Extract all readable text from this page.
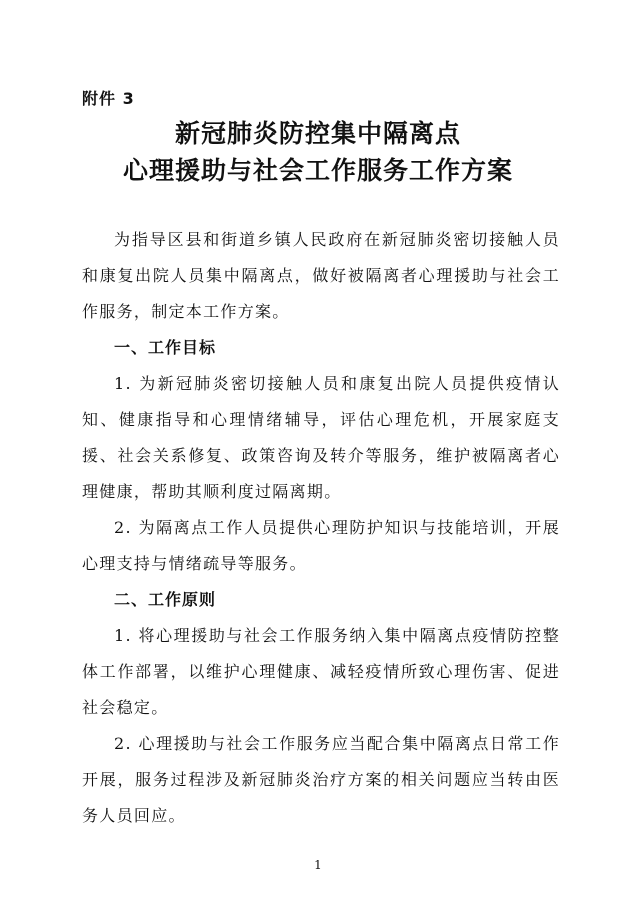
附件 3
新冠肺炎防控集中隔离点
心理援助与社会工作服务工作方案

为指导区县和街道乡镇人民政府在新冠肺炎密切接触人员和康复出院人员集中隔离点，做好被隔离者心理援助与社会工作服务，制定本工作方案。

一、工作目标

1. 为新冠肺炎密切接触人员和康复出院人员提供疫情认知、健康指导和心理情绪辅导，评估心理危机，开展家庭支援、社会关系修复、政策咨询及转介等服务，维护被隔离者心理健康，帮助其顺利度过隔离期。

2. 为隔离点工作人员提供心理防护知识与技能培训，开展心理支持与情绪疏导等服务。

二、工作原则

1. 将心理援助与社会工作服务纳入集中隔离点疫情防控整体工作部署，以维护心理健康、减轻疫情所致心理伤害、促进社会稳定。

2. 心理援助与社会工作服务应当配合集中隔离点日常工作开展，服务过程涉及新冠肺炎治疗方案的相关问题应当转由医务人员回应。

1
